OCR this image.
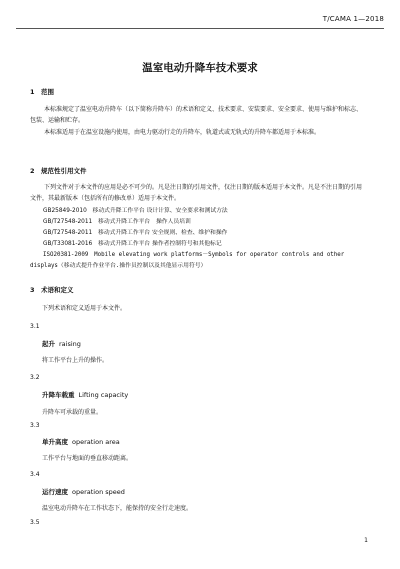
T/CAMA 1—2018
温室电动升降车技术要求
1　范围
本标准规定了温室电动升降车（以下简称升降车）的术语和定义、技术要求、安装要求、安全要求、使用与维护和标志、包装、运输和贮存。
本标准适用于在温室设施内使用，由电力驱动行走的升降车，轨道式或无轨式的升降车都适用于本标准。
2　规范性引用文件
下列文件对于本文件的应用是必不可少的。凡是注日期的引用文件，仅注日期的版本适用于本文件。凡是不注日期的引用文件，其最新版本（包括所有的修改单）适用于本文件。
GB25849-2010　移动式升降工作平台 设计计算、安全要求和测试方法
GB/T27548-2011　移动式升降工作平台　操作人员培训
GB/T27548-2011　移动式升降工作平台 安全规则、检查、维护和操作
GB/T33081-2016　移动式升降工作平台 操作者控制符号和其他标记
ISO20381-2009　Mobile elevating work platforms－Symbols for operator controls and other displays（移动式提升作业平台.操作员控制以及其他显示用符号）
3　术语和定义
下列术语和定义适用于本文件。
3.1
起升 raising
将工作平台上升的操作。
3.2
升降车载重 Lifting capacity
升降车可承载的重量。
3.3
单升高度 operation area
工作平台与地面的垂直移动距离。
3.4
运行速度 operation speed
温室电动升降车在工作状态下，能保持的安全行走速度。
3.5
1
